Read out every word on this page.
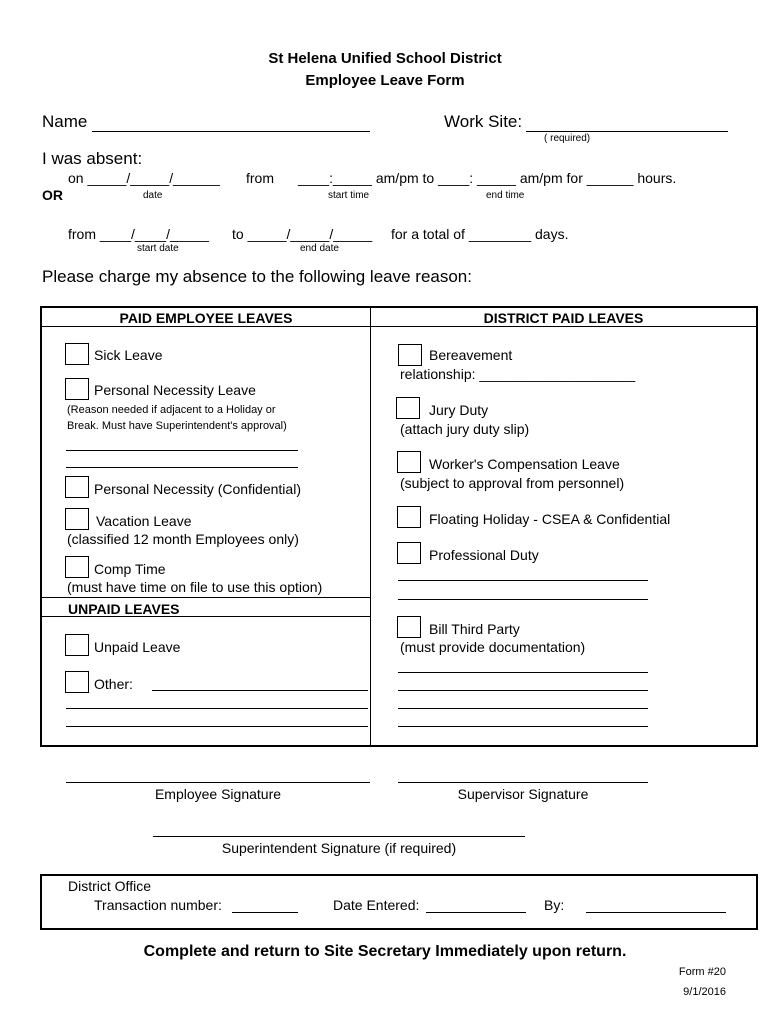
St Helena Unified School District
Employee Leave Form
Name	Work Site:
( required)
I was absent:
on _____/_____/______ from ____:_____ am/pm to ____: _____ am/pm for ______ hours.
OR	date	start time	end time
from ____/____/_____ to _____/_____/_____ for a total of ________ days.
start date	end date
Please charge my absence to the following leave reason:
PAID EMPLOYEE LEAVES	DISTRICT PAID LEAVES
Sick Leave
Personal Necessity Leave
(Reason needed if adjacent to a Holiday or
Break. Must have Superintendent's approval)
Personal Necessity (Confidential)
Vacation Leave
(classified 12 month Employees only)
Comp Time
(must have time on file to use this option)
UNPAID LEAVES
Unpaid Leave
Other:
Bereavement
relationship: ____________________
Jury Duty
(attach jury duty slip)
Worker's Compensation Leave
(subject to approval from personnel)
Floating Holiday - CSEA & Confidential
Professional Duty
Bill Third Party
(must provide documentation)
Employee Signature	Supervisor Signature
Superintendent Signature (if required)
District Office
Transaction number:	Date Entered:	By:
Complete and return to Site Secretary Immediately upon return.
Form #20
9/1/2016
